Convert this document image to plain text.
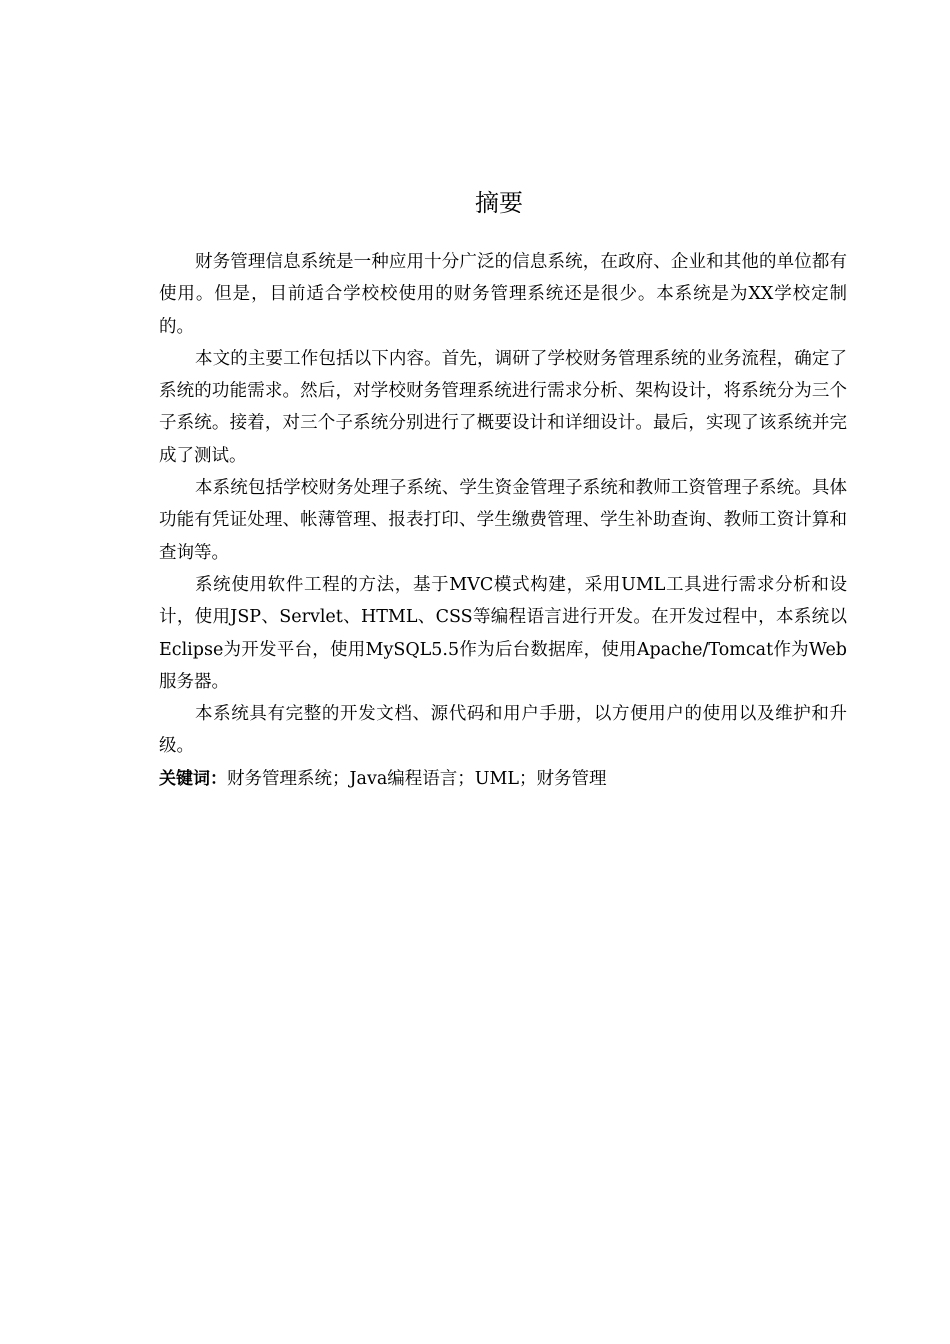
摘要

财务管理信息系统是一种应用十分广泛的信息系统，在政府、企业和其他的单位都有使用。但是，目前适合学校校使用的财务管理系统还是很少。本系统是为XX学校定制的。

本文的主要工作包括以下内容。首先，调研了学校财务管理系统的业务流程，确定了系统的功能需求。然后，对学校财务管理系统进行需求分析、架构设计，将系统分为三个子系统。接着，对三个子系统分别进行了概要设计和详细设计。最后，实现了该系统并完成了测试。

本系统包括学校财务处理子系统、学生资金管理子系统和教师工资管理子系统。具体功能有凭证处理、帐薄管理、报表打印、学生缴费管理、学生补助查询、教师工资计算和查询等。

系统使用软件工程的方法，基于MVC模式构建，采用UML工具进行需求分析和设计，使用JSP、Servlet、HTML、CSS等编程语言进行开发。在开发过程中，本系统以Eclipse为开发平台，使用MySQL5.5作为后台数据库，使用Apache/Tomcat作为Web服务器。

本系统具有完整的开发文档、源代码和用户手册，以方便用户的使用以及维护和升级。

关键词：财务管理系统；Java编程语言；UML；财务管理
